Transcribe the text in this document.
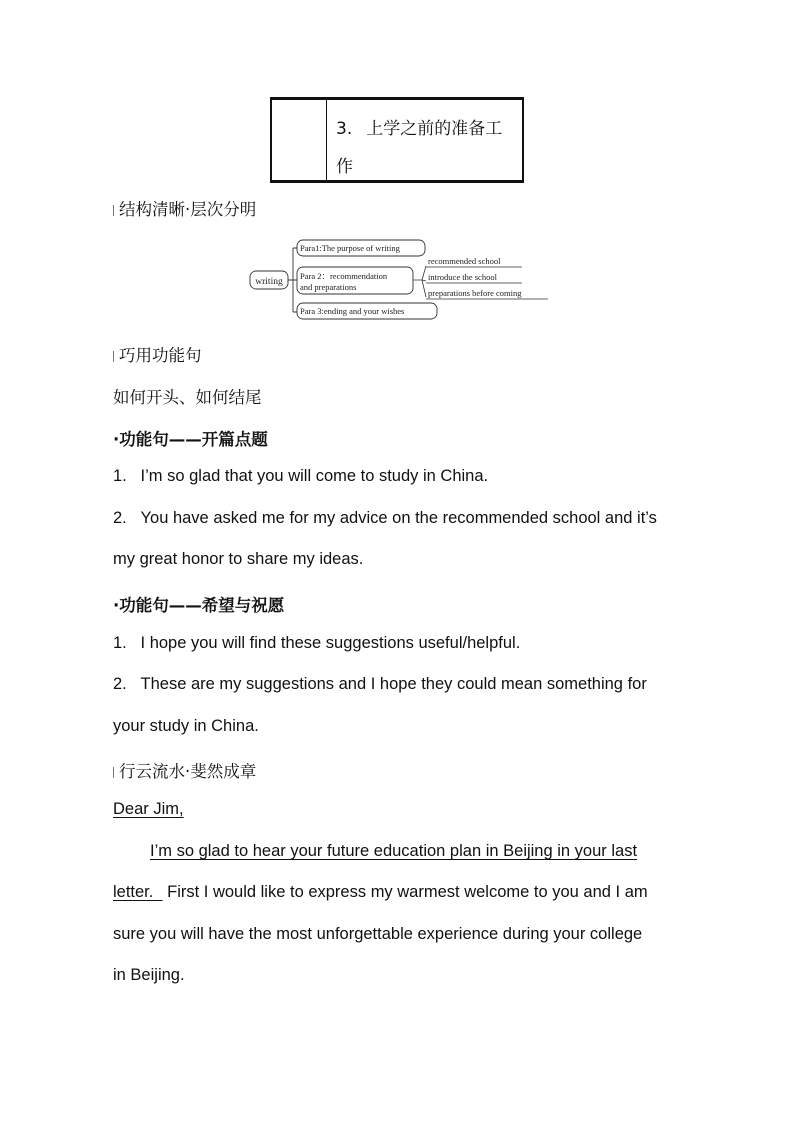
3. 上学之前的准备工
作
结构清晰·层次分明
writing
Para1:The purpose of writing
Para 2：recommendation
and preparations
recommended school
introduce the school
preparations before coming
Para 3:ending and your wishes
巧用功能句
如何开头、如何结尾
·功能句——开篇点题
1. I’m so glad that you will come to study in China.
2. You have asked me for my advice on the recommended school and it’s
my great honor to share my ideas.
·功能句——希望与祝愿
1. I hope you will find these suggestions useful/helpful.
2. These are my suggestions and I hope they could mean something for
your study in China.
行云流水·斐然成章
Dear Jim,
I’m so glad to hear your future education plan in Beijing in your last
letter. First I would like to express my warmest welcome to you and I am
sure you will have the most unforgettable experience during your college
in Beijing.
